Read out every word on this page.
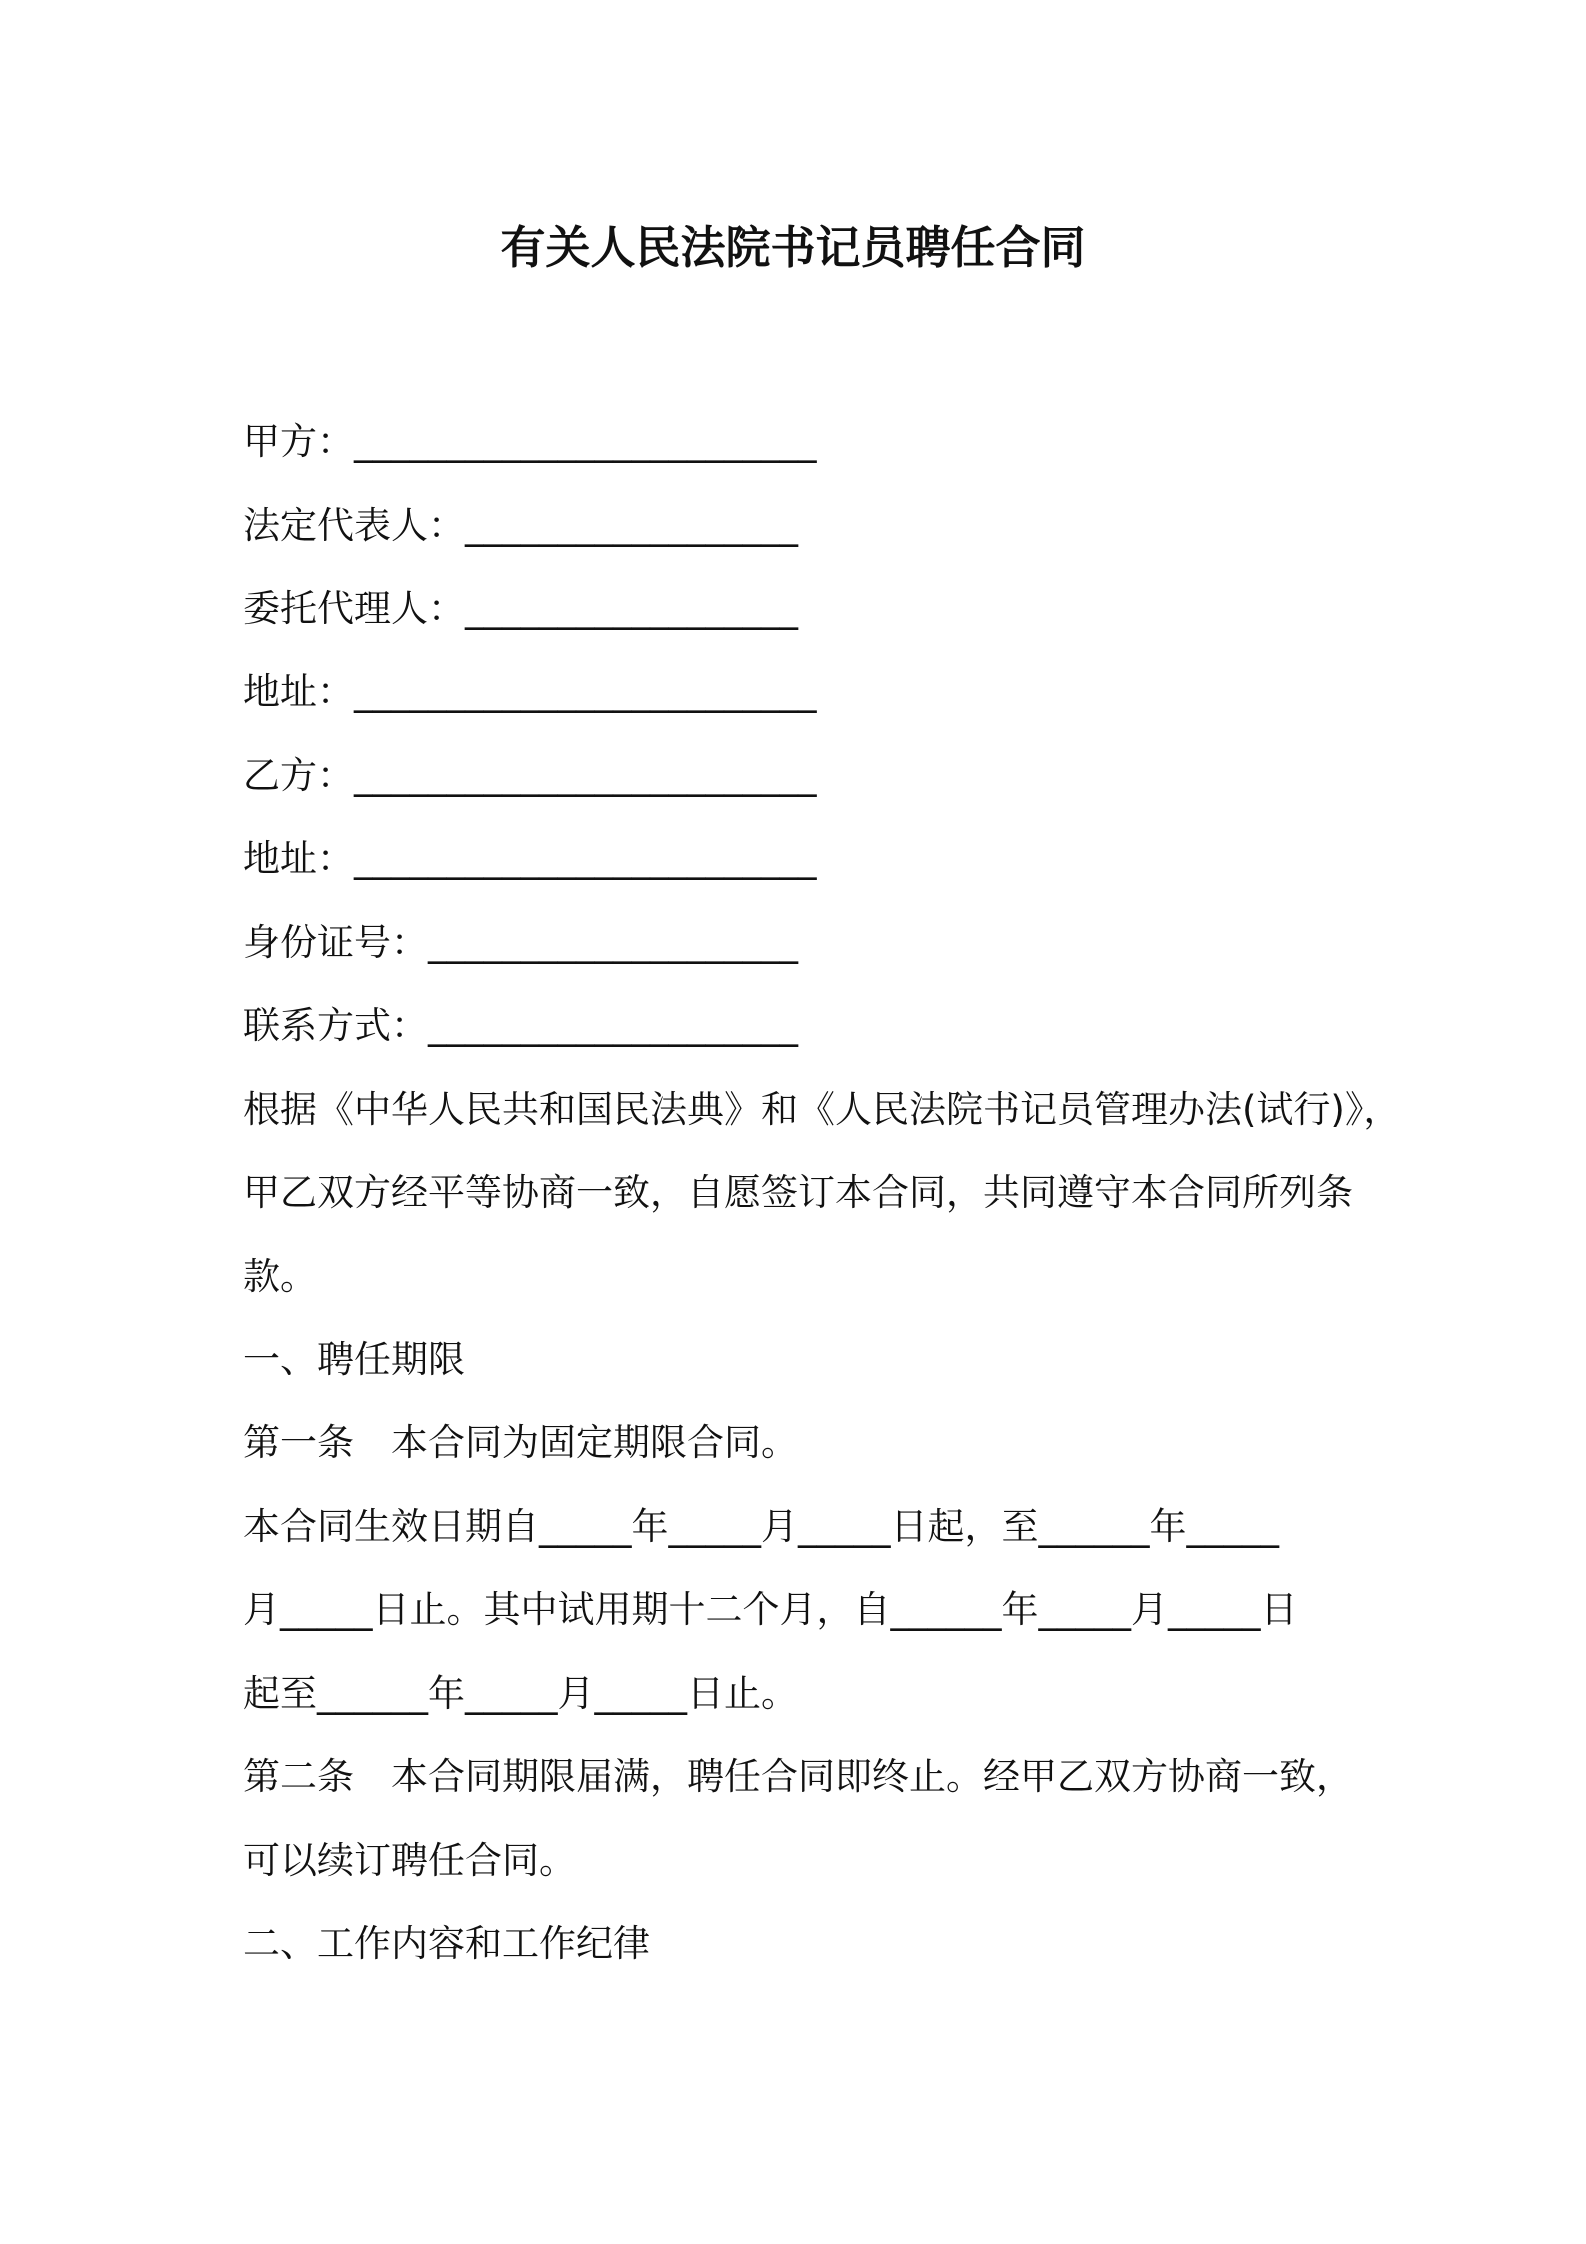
有关人民法院书记员聘任合同

甲方：_________________________

法定代表人：__________________

委托代理人：__________________

地址：_________________________

乙方：_________________________

地址：_________________________

身份证号：____________________

联系方式：____________________

根据《中华人民共和国民法典》和《人民法院书记员管理办法(试行)》，

甲乙双方经平等协商一致，自愿签订本合同，共同遵守本合同所列条

款。

一、聘任期限

第一条　本合同为固定期限合同。

本合同生效日期自_____年_____月_____日起，至______年_____

月_____日止。其中试用期十二个月，自______年_____月_____日

起至______年_____月_____日止。

第二条　本合同期限届满，聘任合同即终止。经甲乙双方协商一致，

可以续订聘任合同。

二、工作内容和工作纪律
